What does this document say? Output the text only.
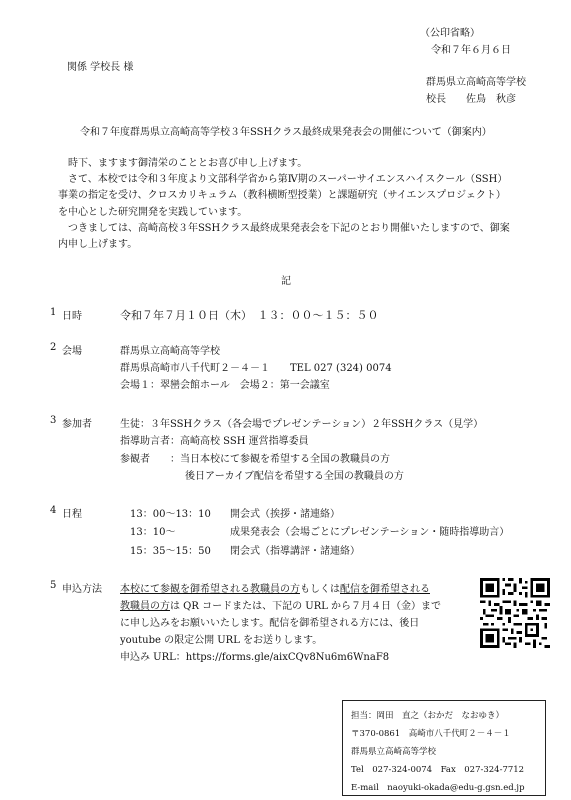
（公印省略）
令和７年６月６日
関係 学校長 様
群馬県立高崎高等学校
校長　　佐鳥　秋彦
令和７年度群馬県立高崎高等学校３年SSHクラス最終成果発表会の開催について（御案内）
時下、ますます御清栄のこととお喜び申し上げます。
さて、本校では令和３年度より文部科学省から第Ⅳ期のスーパーサイエンスハイスクール（SSH）
事業の指定を受け、クロスカリキュラム（教科横断型授業）と課題研究（サイエンスプロジェクト）
を中心とした研究開発を実践しています。
つきましては、高崎高校３年SSHクラス最終成果発表会を下記のとおり開催いたしますので、御案
内申し上げます。
記
1 日時	令和７年７月１０日（木）　１３：００～１５：５０
2 会場	群馬県立高崎高等学校
群馬県高崎市八千代町２－４－１　　TEL 027 (324) 0074
会場１：翠巒会館ホール　会場２：第一会議室
3 参加者	生徒：３年SSHクラス（各会場でプレゼンテーション）２年SSHクラス（見学）
指導助言者：高崎高校 SSH 運営指導委員
参観者　　：当日本校にて参観を希望する全国の教職員の方
後日アーカイブ配信を希望する全国の教職員の方
4 日程	13：00～13：10 開会式（挨拶・諸連絡）
13：10～	成果発表会（会場ごとにプレゼンテーション・随時指導助言）
15：35～15：50 閉会式（指導講評・諸連絡）
5 申込方法 本校にて参観を御希望される教職員の方もしくは配信を御希望される
教職員の方は QR コードまたは、下記の URL から７月４日（金）まで
に申し込みをお願いいたします。配信を御希望される方には、後日
youtube の限定公開 URL をお送りします。
申込み URL：https://forms.gle/aixCQv8Nu6m6WnaF8
担当：岡田　直之（おかだ　なおゆき）
〒370-0861　高崎市八千代町２－４－１
群馬県立高崎高等学校
Tel　027-324-0074　Fax　027-324-7712
E-mail　naoyuki-okada@edu-g.gsn.ed.jp
